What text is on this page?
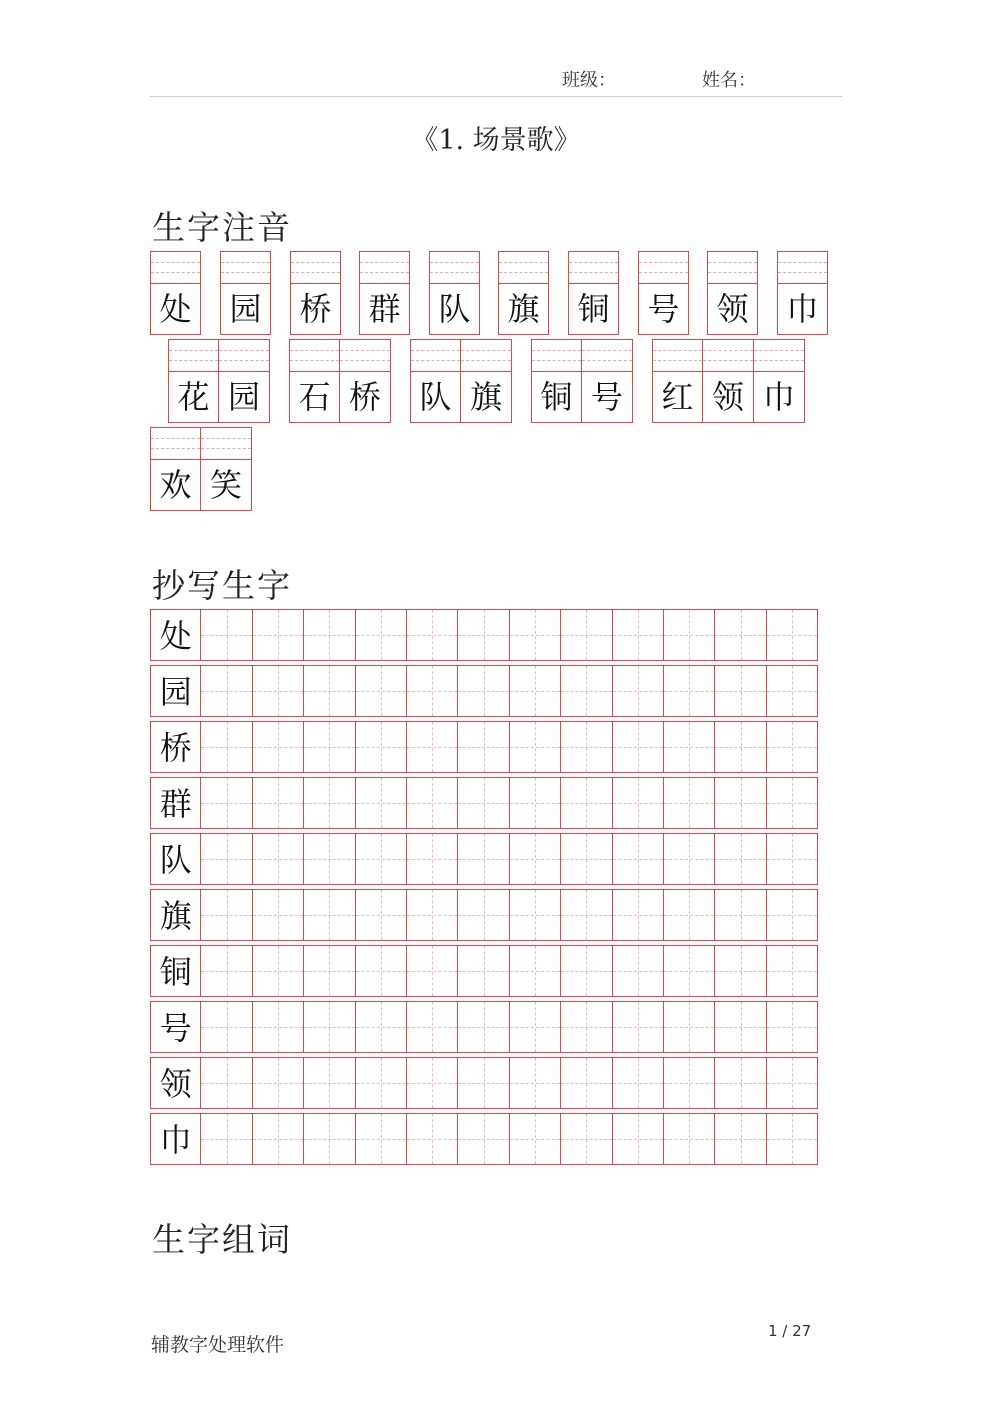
班级：	姓名：
《1. 场景歌》
生字注音
处 园 桥 群 队 旗 铜 号 领 巾
花 园 石 桥 队 旗 铜 号 红 领 巾
欢 笑
抄写生字
处
园
桥
群
队
旗
铜
号
领
巾
生字组词
辅教字处理软件
1 / 27
